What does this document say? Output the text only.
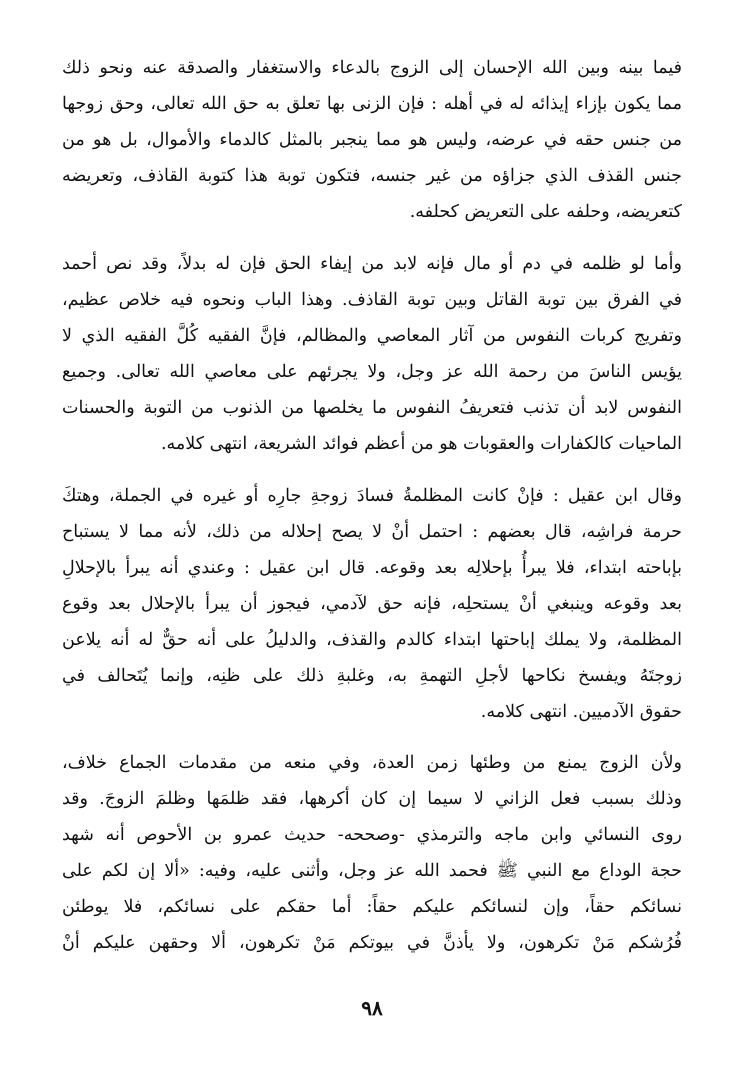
فيما بينه وبين الله الإحسان إلى الزوج بالدعاء والاستغفار والصدقة عنه ونحو ذلك
مما يكون بإزاء إيذائه له في أهله : فإن الزنى بها تعلق به حق الله تعالى، وحق زوجها
من جنس حقه في عرضه، وليس هو مما ينجبر بالمثل كالدماء والأموال، بل هو من
جنس القذف الذي جزاؤه من غير جنسه، فتكون توبة هذا كتوبة القاذف، وتعريضه
كتعريضه، وحلفه على التعريض كحلفه.
وأما لو ظلمه في دم أو مال فإنه لابد من إيفاء الحق فإن له بدلاً، وقد نص أحمد
في الفرق بين توبة القاتل وبين توبة القاذف. وهذا الباب ونحوه فيه خلاص عظيم،
وتفريج كربات النفوس من آثار المعاصي والمظالم، فإنَّ الفقيه كُلَّ الفقيه الذي لا
يؤيس الناسَ من رحمة الله عز وجل، ولا يجرئهم على معاصي الله تعالى. وجميع
النفوس لابد أن تذنب فتعريفُ النفوس ما يخلصها من الذنوب من التوبة والحسنات
الماحيات كالكفارات والعقوبات هو من أعظم فوائد الشريعة، انتهى كلامه.
وقال ابن عقيل : فإنْ كانت المظلمةُ فسادَ زوجةِ جارِه أو غيره في الجملة، وهتكَ
حرمة فراشِه، قال بعضهم : احتمل أنْ لا يصح إحلاله من ذلك، لأنه مما لا يستباح
بإباحته ابتداء، فلا يبرأُ بإحلالِه بعد وقوعه. قال ابن عقيل : وعندي أنه يبرأ بالإحلالِ
بعد وقوعه وينبغي أنْ يستحلِه، فإنه حق لآدمي، فيجوز أن يبرأ بالإحلال بعد وقوع
المظلمة، ولا يملك إباحتها ابتداء كالدم والقذف، والدليلُ على أنه حقٌّ له أنه يلاعن
زوجتَهُ ويفسخ نكاحها لأجلِ التهمةِ به، وغلبةِ ذلك على ظنِه، وإنما يُتَحالف في
حقوق الآدميين. انتهى كلامه.
ولأن الزوج يمنع من وطئها زمن العدة، وفي منعه من مقدمات الجماع خلاف،
وذلك بسبب فعل الزاني لا سيما إن كان أكرهها، فقد ظلمَها وظلمَ الزوجَ. وقد
روى النسائي وابن ماجه والترمذي -وصححه- حديث عمرو بن الأحوص أنه شهد
حجة الوداع مع النبي ﷺ فحمد الله عز وجل، وأثنى عليه، وفيه: «ألا إن لكم على
نسائكم حقاً، وإن لنسائكم عليكم حقاً: أما حقكم على نسائكم، فلا يوطئن
فُرُشكم مَنْ تكرهون، ولا يأذنَّ في بيوتكم مَنْ تكرهون، ألا وحقهن عليكم أنْ
٩٨
